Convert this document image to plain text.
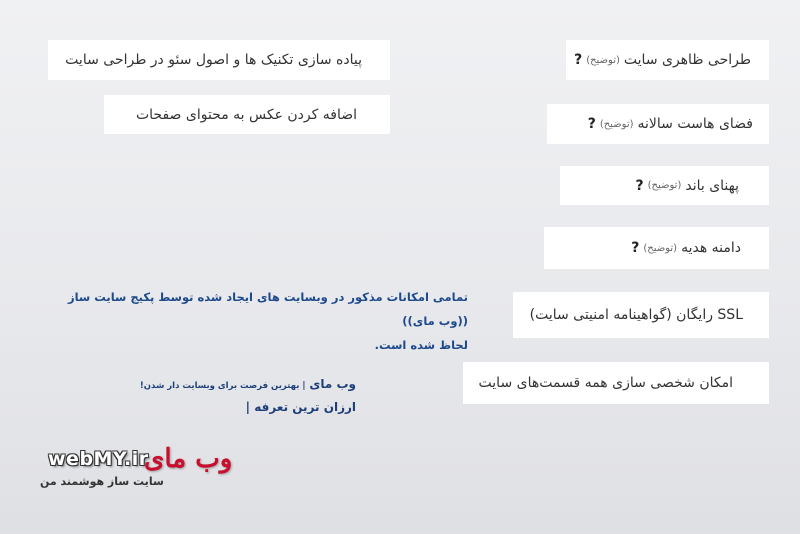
پیاده سازی تکنیک ها و اصول سئو در طراحی سایت
اضافه کردن عکس به محتوای صفحات
طراحی ظاهری سایت
(توضیح)
?
فضای هاست سالانه
(توضیح)
?
پهنای باند
(توضیح)
?
دامنه هدیه
(توضیح)
?
SSL رایگان (گواهینامه امنیتی سایت)
امکان شخصی سازی همه قسمت‌های سایت
تمامی امکانات مذکور در وبسایت های ایجاد شده توسط پکیج سایت ساز ((وب مای))
لحاظ شده است.
وب مای | بهترین فرصت برای وبسایت دار شدن!
ارزان ترین تعرفه |
webMY.ir
وب مای
سایت ساز هوشمند من
